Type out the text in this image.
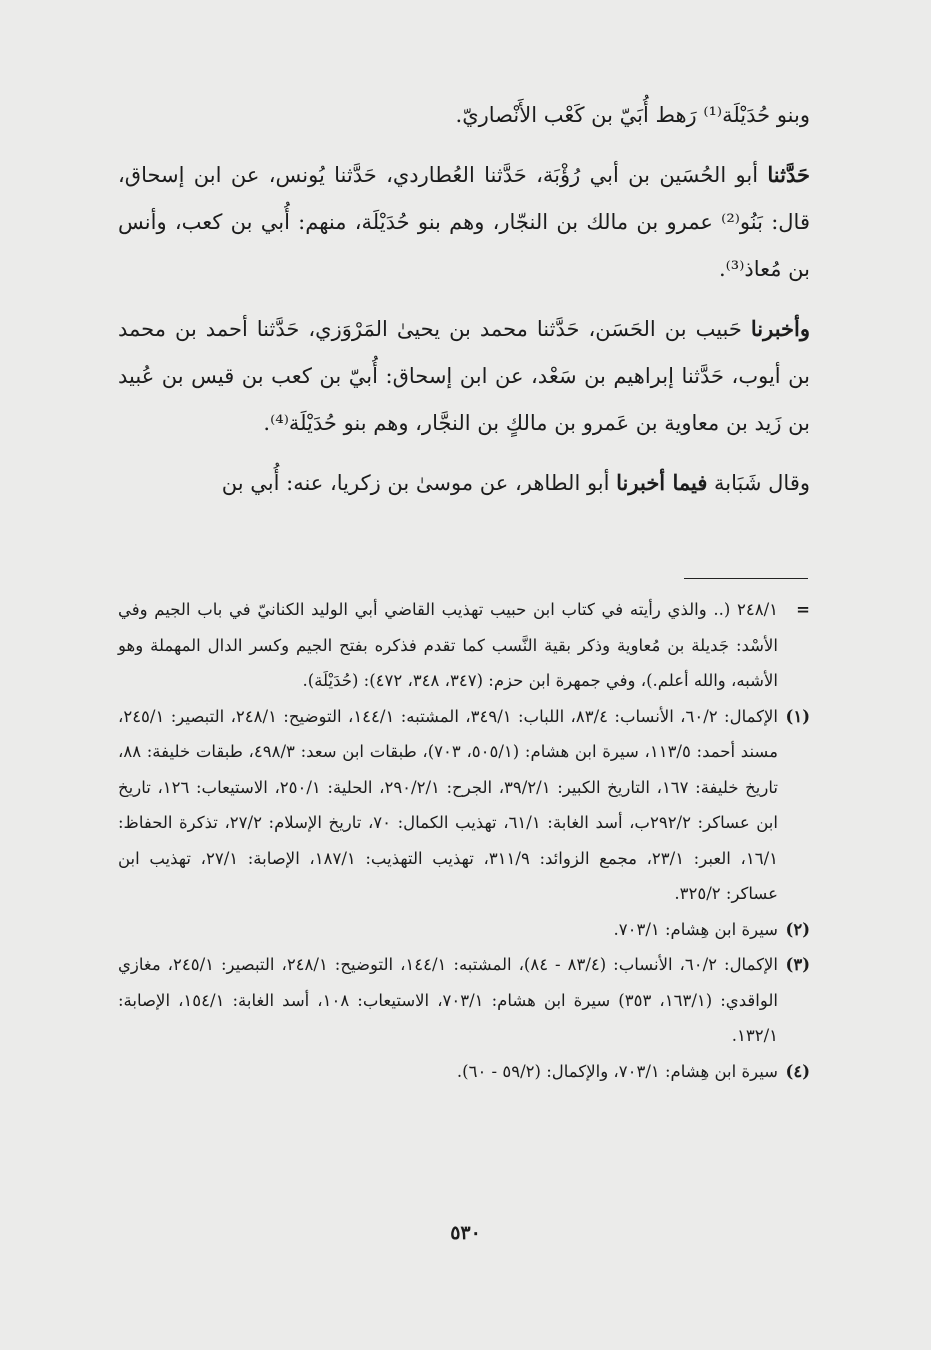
وبنو حُدَيْلَة⁽¹⁾ رَهط أُبَيّ بن كَعْب الأَنْصاريّ.

حَدَّثنا أبو الحُسَين بن أبي رُؤْبَة، حَدَّثنا العُطاردي، حَدَّثنا يُونس، عن ابن إسحاق، قال: بَنُو⁽²⁾ عمرو بن مالك بن النجّار، وهم بنو حُدَيْلَة، منهم: أُبي بن كعب، وأنس بن مُعاذ⁽³⁾.

وأخبرنا حَبيب بن الحَسَن، حَدَّثنا محمد بن يحيىٰ المَرْوَزي، حَدَّثنا أحمد بن محمد بن أيوب، حَدَّثنا إبراهيم بن سَعْد، عن ابن إسحاق: أُبيّ بن كعب بن قيس بن عُبيد بن زَيد بن معاوية بن عَمرو بن مالكٍ بن النجَّار، وهم بنو حُدَيْلَة⁽⁴⁾.

وقال شَبَابة فيما أخبرنا أبو الطاهر، عن موسىٰ بن زكريا، عنه: أُبي بن

=
٢٤٨/١ (.. والذي رأيته في كتاب ابن حبيب تهذيب القاضي أبي الوليد الكنانيّ في باب الجيم وفي الأسْد: جَديلة بن مُعاوية وذكر بقية النَّسب كما تقدم فذكره بفتح الجيم وكسر الدال المهملة وهو الأشبه، والله أعلم.)، وفي جمهرة ابن حزم: (٣٤٧، ٣٤٨، ٤٧٢): (حُدَيْلَة).
(١)
الإكمال: ٦٠/٢، الأنساب: ٨٣/٤، اللباب: ٣٤٩/١، المشتبه: ١٤٤/١، التوضيح: ٢٤٨/١، التبصير: ٢٤٥/١، مسند أحمد: ١١٣/٥، سيرة ابن هشام: (٥٠٥/١، ٧٠٣)، طبقات ابن سعد: ٤٩٨/٣، طبقات خليفة: ٨٨، تاريخ خليفة: ١٦٧، التاريخ الكبير: ٣٩/٢/١، الجرح: ٢٩٠/٢/١، الحلية: ٢٥٠/١، الاستيعاب: ١٢٦، تاريخ ابن عساكر: ٢٩٢/٢ب، أسد الغابة: ٦١/١، تهذيب الكمال: ٧٠، تاريخ الإسلام: ٢٧/٢، تذكرة الحفاظ: ١٦/١، العبر: ٢٣/١، مجمع الزوائد: ٣١١/٩، تهذيب التهذيب: ١٨٧/١، الإصابة: ٢٧/١، تهذيب ابن عساكر: ٣٢٥/٢.
(٢)
سيرة ابن هِشام: ٧٠٣/١.
(٣)
الإكمال: ٦٠/٢، الأنساب: (٨٣/٤ - ٨٤)، المشتبه: ١٤٤/١، التوضيح: ٢٤٨/١، التبصير: ٢٤٥/١، مغازي الواقدي: (١٦٣/١، ٣٥٣) سيرة ابن هشام: ٧٠٣/١، الاستيعاب: ١٠٨، أسد الغابة: ١٥٤/١، الإصابة: ١٣٢/١.
(٤)
سيرة ابن هِشام: ٧٠٣/١، والإكمال: (٥٩/٢ - ٦٠).
٥٣٠
